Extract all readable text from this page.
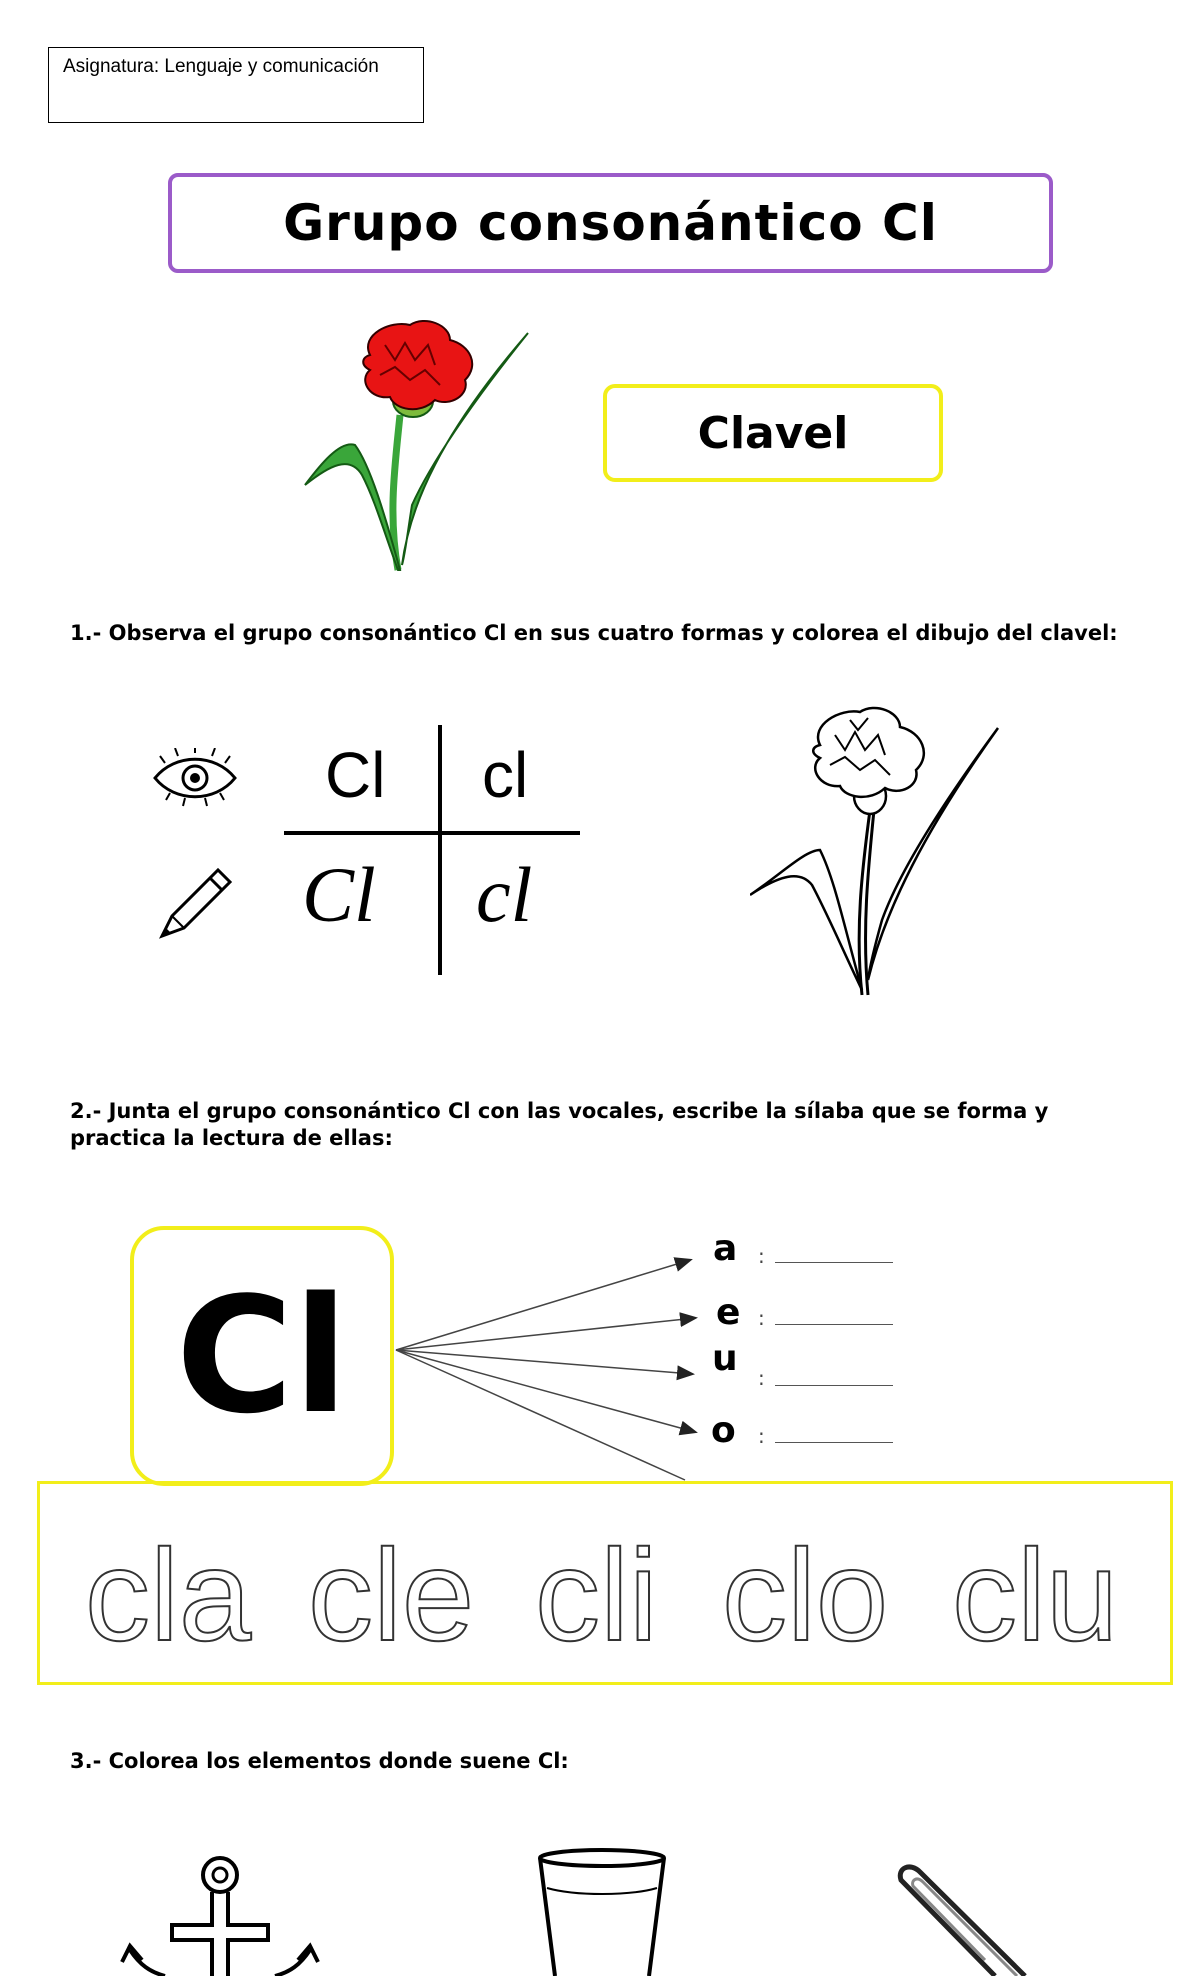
Asignatura: Lenguaje y comunicación
Grupo consonántico Cl
Clavel
1.- Observa el grupo consonántico Cl en sus cuatro formas y colorea el dibujo del clavel:
Cl cl
Cl cl
2.- Junta el grupo consonántico Cl con las vocales, escribe la sílaba que se forma y practica la lectura de ellas:
Cl
a :
e :
u :
o :
cla cle cli clo clu
3.- Colorea los elementos donde suene Cl:
